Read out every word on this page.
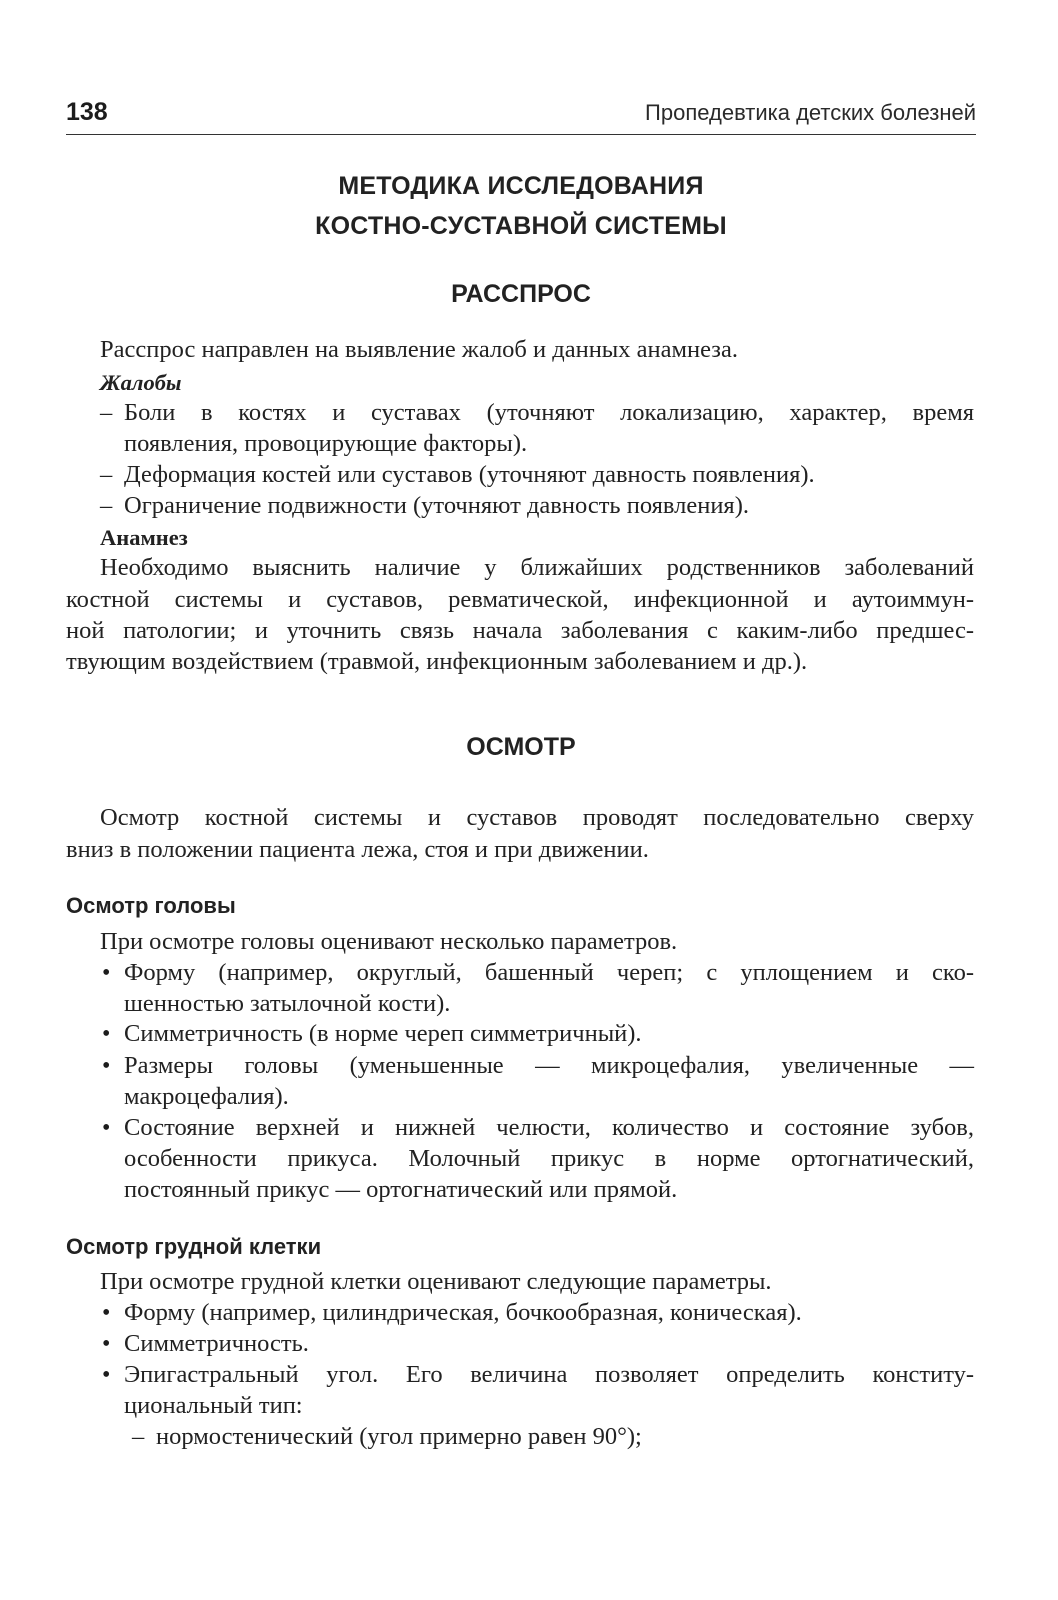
138	Пропедевтика детских болезней
МЕТОДИКА ИССЛЕДОВАНИЯ
КОСТНО-СУСТАВНОЙ СИСТЕМЫ
РАССПРОС
Расспрос направлен на выявление жалоб и данных анамнеза.
Жалобы
– Боли в костях и суставах (уточняют локализацию, характер, время
появления, провоцирующие факторы).
– Деформация костей или суставов (уточняют давность появления).
– Ограничение подвижности (уточняют давность появления).
Анамнез
Необходимо выяснить наличие у ближайших родственников заболеваний
костной системы и суставов, ревматической, инфекционной и аутоиммун-
ной патологии; и уточнить связь начала заболевания с каким-либо предшес-
твующим воздействием (травмой, инфекционным заболеванием и др.).
ОСМОТР
Осмотр костной системы и суставов проводят последовательно сверху
вниз в положении пациента лежа, стоя и при движении.
Осмотр головы
При осмотре головы оценивают несколько параметров.
• Форму (например, округлый, башенный череп; с уплощением и ско-
шенностью затылочной кости).
• Симметричность (в норме череп симметричный).
• Размеры головы (уменьшенные — микроцефалия, увеличенные —
макроцефалия).
• Состояние верхней и нижней челюсти, количество и состояние зубов,
особенности прикуса. Молочный прикус в норме ортогнатический,
постоянный прикус — ортогнатический или прямой.
Осмотр грудной клетки
При осмотре грудной клетки оценивают следующие параметры.
• Форму (например, цилиндрическая, бочкообразная, коническая).
• Симметричность.
• Эпигастральный угол. Его величина позволяет определить конститу-
циональный тип:
– нормостенический (угол примерно равен 90°);
